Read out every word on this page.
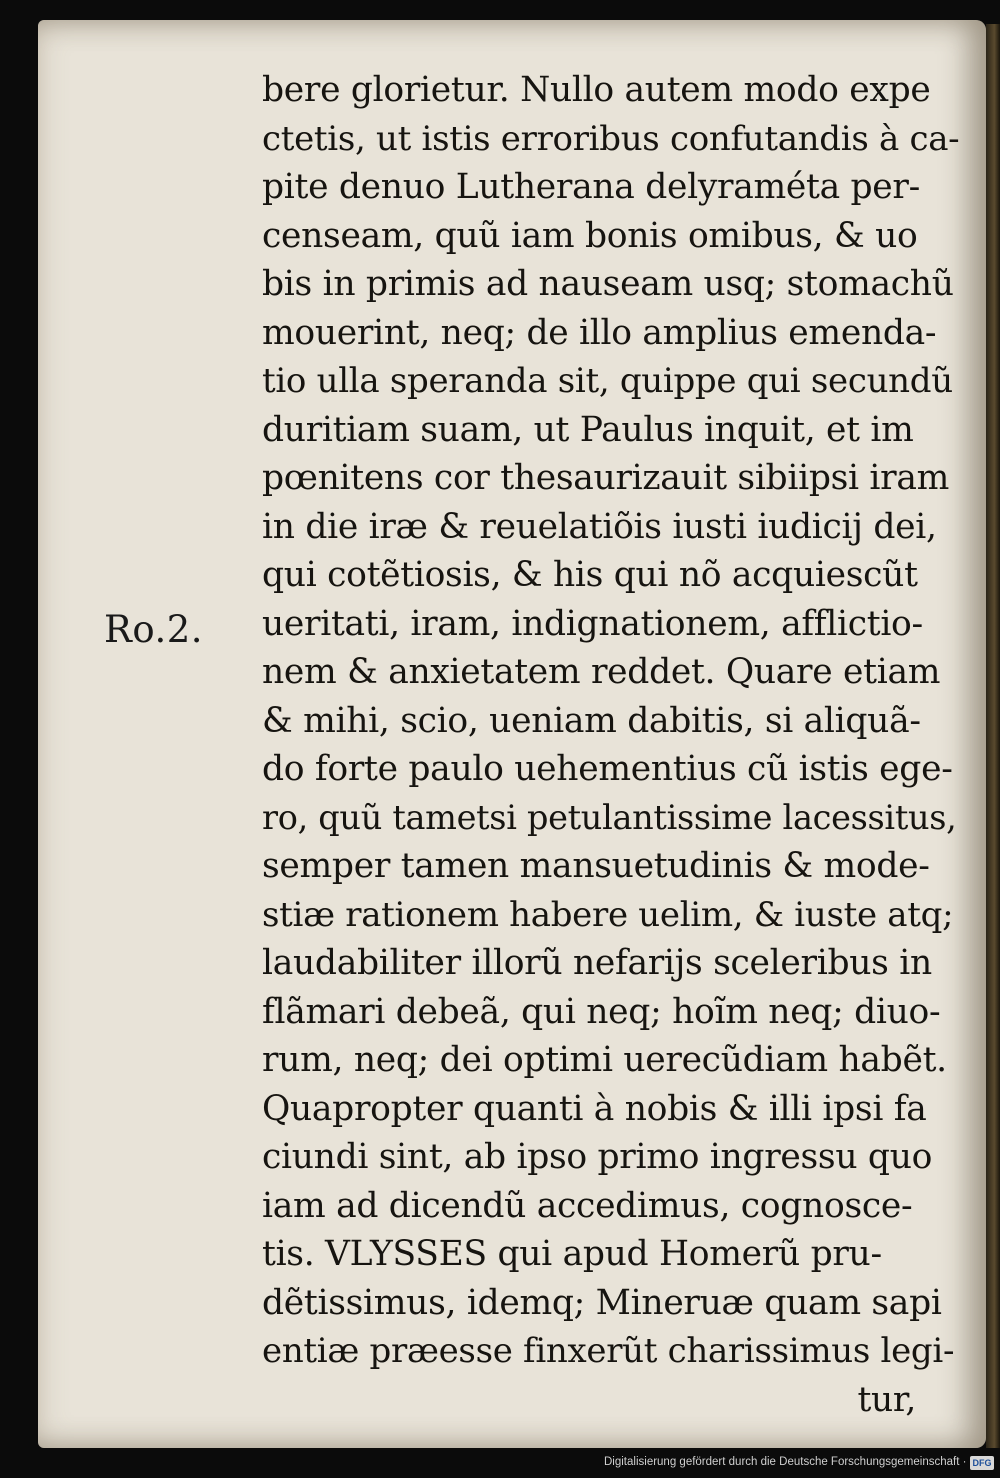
Ro.2.
bere glorietur. Nullo autem modo expe
ctetis, ut istis erroribus confutandis à ca-
pite denuo Lutherana delyraméta per-
censeam, quũ iam bonis omibus, & uo
bis in primis ad nauseam usq; stomachũ
mouerint, neq; de illo amplius emenda-
tio ulla speranda sit, quippe qui secundũ
duritiam suam, ut Paulus inquit, et im
pœnitens cor thesaurizauit sibiipsi iram
in die iræ & reuelatiõis iusti iudicij dei,
qui cotẽtiosis, & his qui nõ acquiescũt
ueritati, iram, indignationem, afflictio-
nem & anxietatem reddet. Quare etiam
& mihi, scio, ueniam dabitis, si aliquã-
do forte paulo uehementius cũ istis ege-
ro, quũ tametsi petulantissime lacessitus,
semper tamen mansuetudinis & mode-
stiæ rationem habere uelim, & iuste atq;
laudabiliter illorũ nefarijs sceleribus in
flãmari debeã, qui neq; hoĩm neq; diuo-
rum, neq; dei optimi uerecũdiam habẽt.
Quapropter quanti à nobis & illi ipsi fa
ciundi sint, ab ipso primo ingressu quo
iam ad dicendũ accedimus, cognosce-
tis. VLYSSES qui apud Homerũ pru-
dẽtissimus, idemq; Mineruæ quam sapi
entiæ præesse finxerũt charissimus legi-
tur,
Digitalisierung gefördert durch die Deutsche Forschungsgemeinschaft · DFG
